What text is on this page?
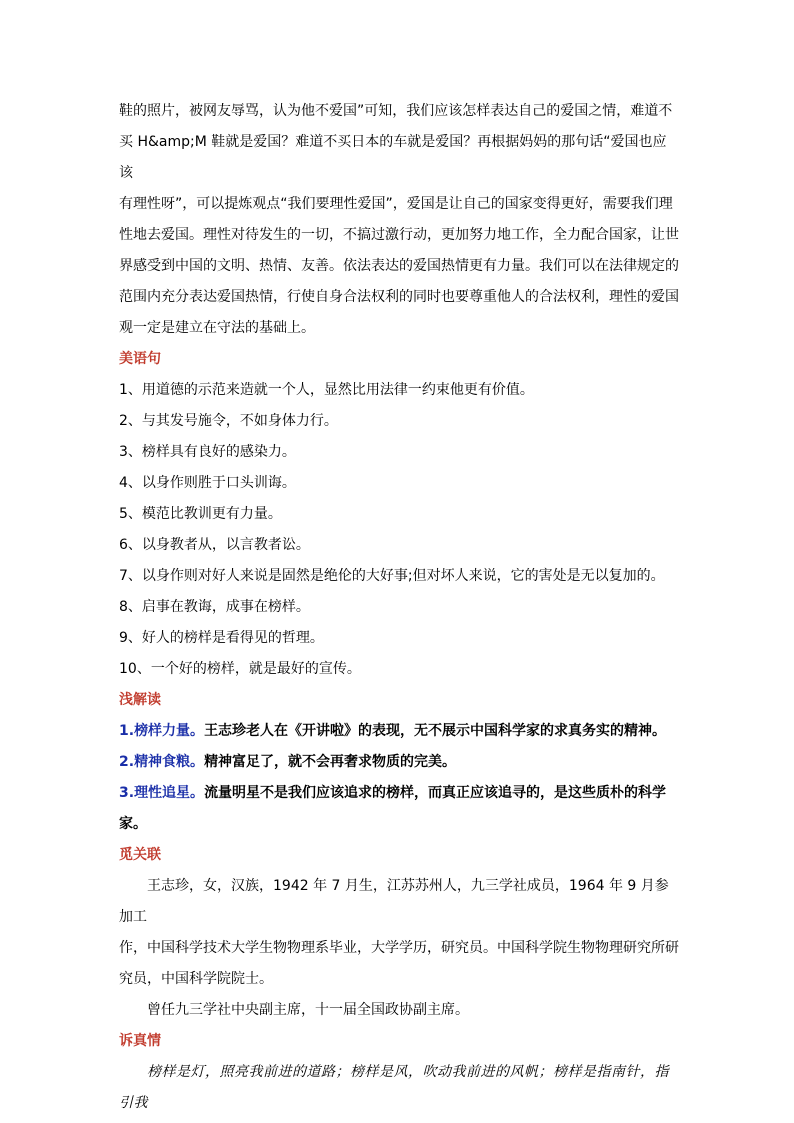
鞋的照片，被网友辱骂，认为他不爱国”可知，我们应该怎样表达自己的爱国之情，难道不

买 H&amp;M 鞋就是爱国？难道不买日本的车就是爱国？再根据妈妈的那句话“爱国也应该

有理性呀”，可以提炼观点“我们要理性爱国”，爱国是让自己的国家变得更好，需要我们理

性地去爱国。理性对待发生的一切，不搞过激行动，更加努力地工作，全力配合国家，让世

界感受到中国的文明、热情、友善。依法表达的爱国热情更有力量。我们可以在法律规定的

范围内充分表达爱国热情，行使自身合法权利的同时也要尊重他人的合法权利，理性的爱国

观一定是建立在守法的基础上。

美语句

1、用道德的示范来造就一个人，显然比用法律一约束他更有价值。

2、与其发号施令，不如身体力行。

3、榜样具有良好的感染力。

4、以身作则胜于口头训诲。

5、模范比教训更有力量。

6、以身教者从，以言教者讼。

7、以身作则对好人来说是固然是绝伦的大好事;但对坏人来说，它的害处是无以复加的。

8、启事在教诲，成事在榜样。

9、好人的榜样是看得见的哲理。

10、一个好的榜样，就是最好的宣传。

浅解读

1.榜样力量。王志珍老人在《开讲啦》的表现，无不展示中国科学家的求真务实的精神。

2.精神食粮。精神富足了，就不会再奢求物质的完美。

3.理性追星。流量明星不是我们应该追求的榜样，而真正应该追寻的，是这些质朴的科学

家。

觅关联

王志珍，女，汉族，1942 年 7 月生，江苏苏州人，九三学社成员，1964 年 9 月参加工

作，中国科学技术大学生物物理系毕业，大学学历，研究员。中国科学院生物物理研究所研

究员，中国科学院院士。

曾任九三学社中央副主席，十一届全国政协副主席。

诉真情

榜样是灯，照亮我前进的道路；榜样是风，吹动我前进的风帆；榜样是指南针，指引我
